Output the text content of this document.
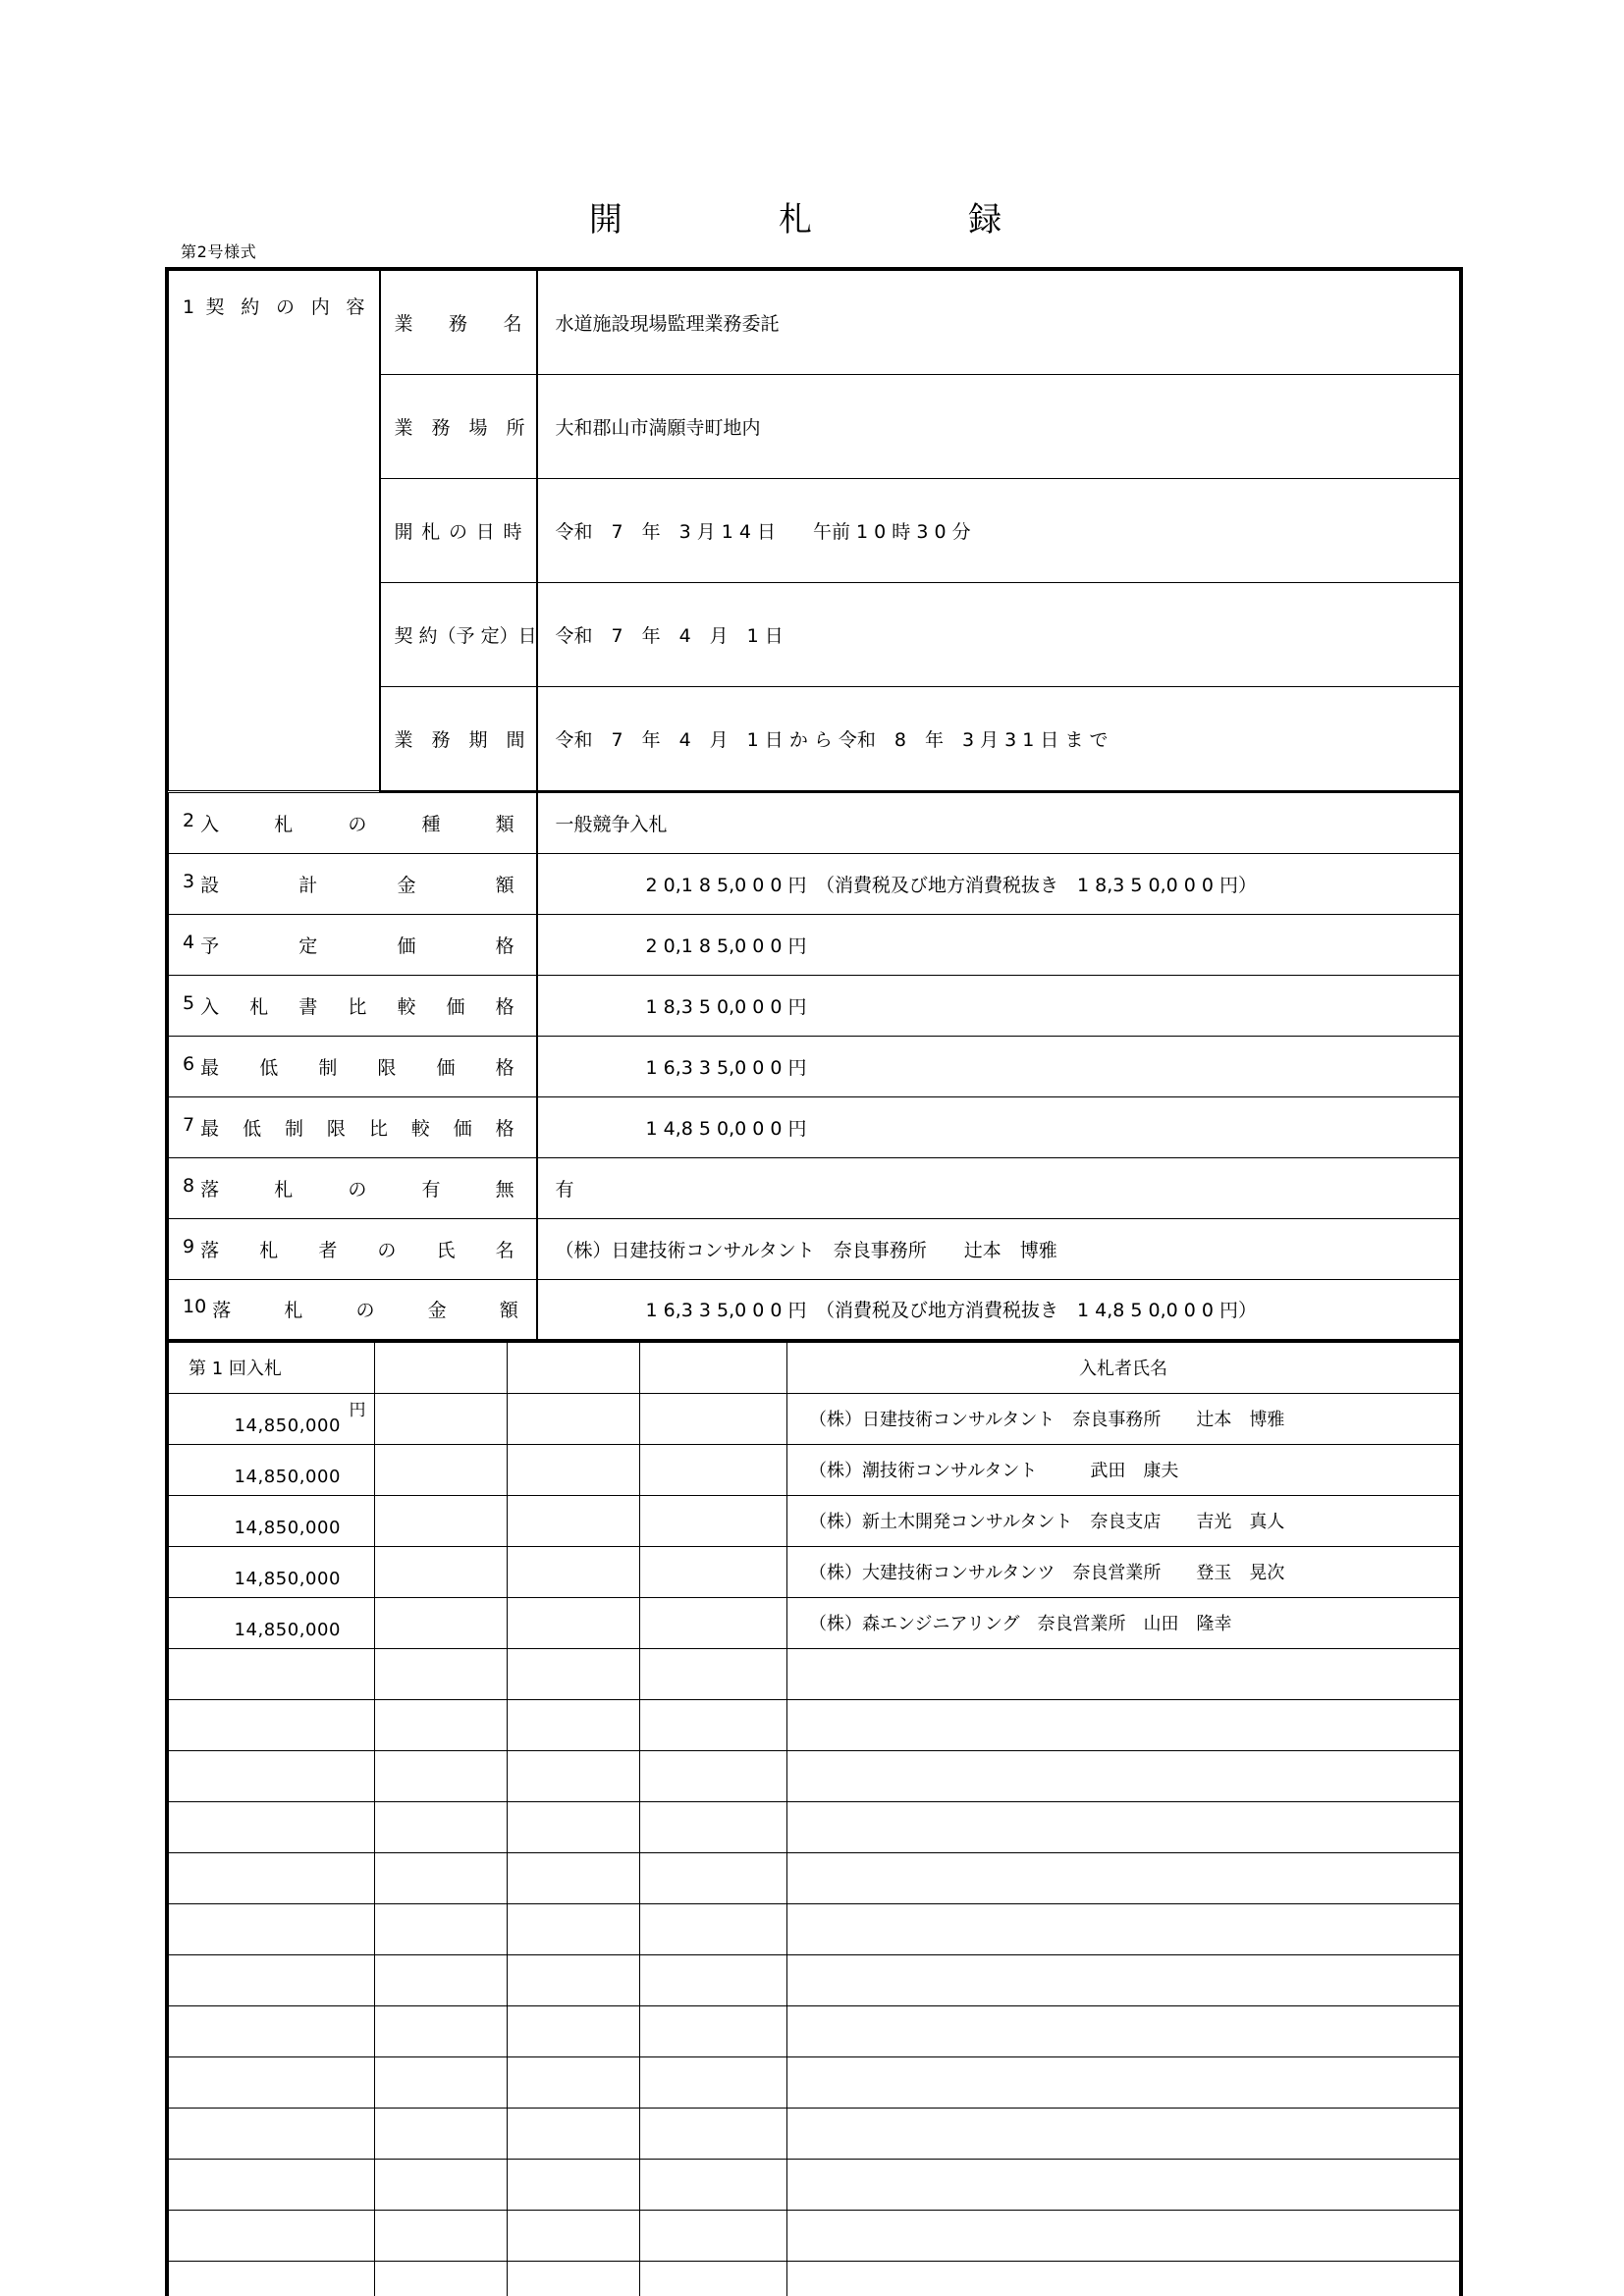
開　　　札　　　録
第2号様式
1 契 約 の 内 容	業　務　名	水道施設現場監理業務委託
	業　務　場　所	大和郡山市満願寺町地内
	開 札 の 日 時	令和　7　年　3 月 1 4 日　　午前 1 0 時 3 0 分
	契 約（予 定）日	令和　7　年　4　月　1 日
	業　務　期　間	令和　7　年　4　月　1 日 か ら 令和　8　年　3 月 3 1 日 ま で
2 入　札　の　種　類	一般競争入札
3 設　　計　　金　　額	2 0,1 8 5,0 0 0 円　（消費税及び地方消費税抜き　1 8,3 5 0,0 0 0 円）
4 予　　定　　価　　格	2 0,1 8 5,0 0 0 円
5 入　札　書　比　較　価　格	1 8,3 5 0,0 0 0 円
6 最　低　制　限　価　格	1 6,3 3 5,0 0 0 円
7 最 低 制 限 比 較 価 格	1 4,8 5 0,0 0 0 円
8 落　札　の　有　無	有
9 落　札　者　の　氏　名	（株）日建技術コンサルタント　奈良事務所　　辻本　博雅
10 落　札　の　金　額	1 6,3 3 5,0 0 0 円　（消費税及び地方消費税抜き　1 4,8 5 0,0 0 0 円）
第 1 回入札				入札者氏名

円
14,850,000				（株）日建技術コンサルタント　奈良事務所　　辻本　博雅

14,850,000				（株）潮技術コンサルタント　　　武田　康夫

14,850,000				（株）新土木開発コンサルタント　奈良支店　　吉光　真人

14,850,000				（株）大建技術コンサルタンツ　奈良営業所　　登玉　晃次

14,850,000				（株）森エンジニアリング　奈良営業所　山田　隆幸
